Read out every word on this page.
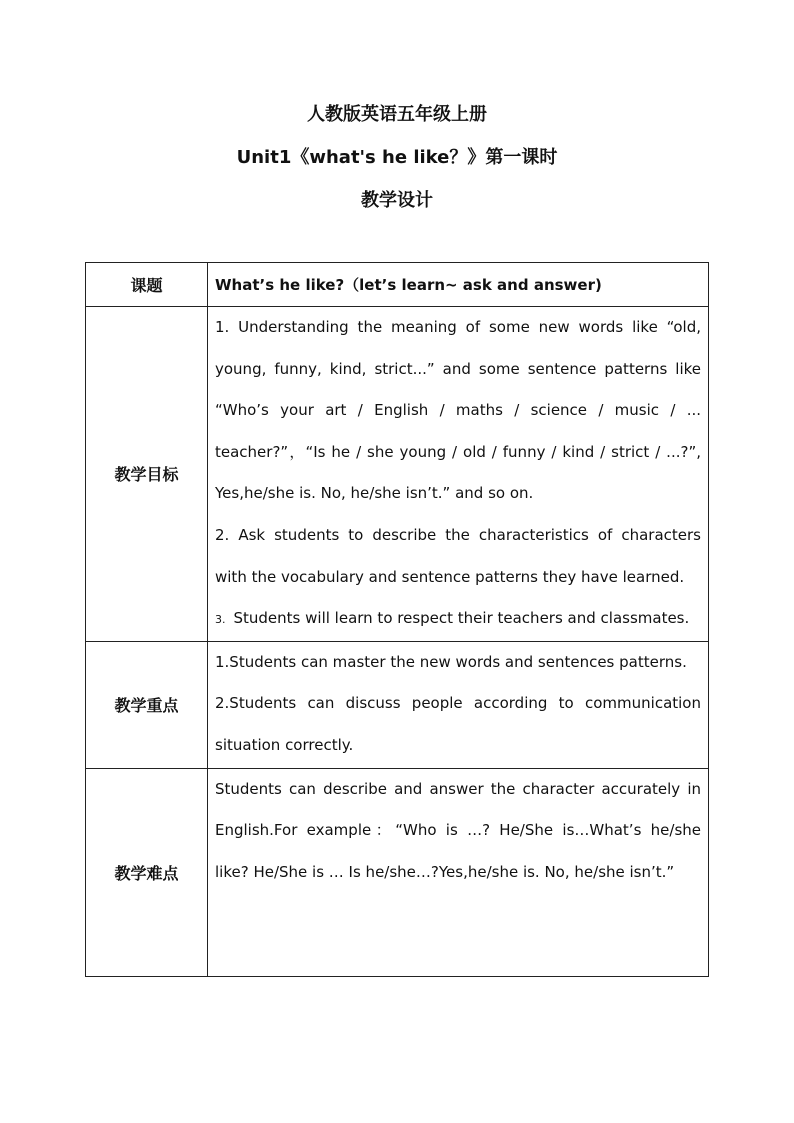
人教版英语五年级上册
Unit1《what's he like？》第一课时
教学设计
课题	What’s he like?（let’s learn~ ask and answer)
教学目标	1. Understanding the meaning of some new words like “old, young, funny, kind, strict...” and some sentence patterns like “Who’s your art / English / maths / science / music / ... teacher?”，“Is he / she young / old / funny / kind / strict / ...?”, Yes,he/she is. No, he/she isn’t.” and so on.

2. Ask students to describe the characteristics of characters with the vocabulary and sentence patterns they have learned.

3. Students will learn to respect their teachers and classmates.

教学重点	1.Students can master the new words and sentences patterns.

2.Students can discuss people according to communication situation correctly.

教学难点	Students can describe and answer the character accurately in English.For example：“Who is …? He/She is…What’s he/she like? He/She is … Is he/she…?Yes,he/she is. No, he/she isn’t.”
